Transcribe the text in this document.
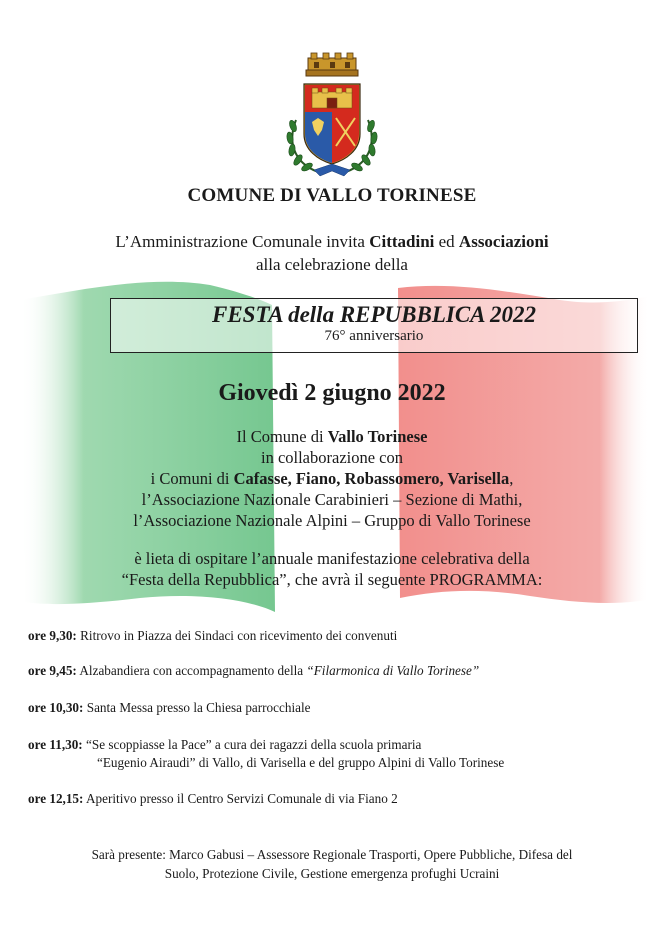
COMUNE DI VALLO TORINESE
L’Amministrazione Comunale invita Cittadini ed Associazioni
alla celebrazione della
FESTA della REPUBBLICA 2022
76° anniversario
Giovedì 2 giugno 2022
Il Comune di Vallo Torinese
in collaborazione con
i Comuni di Cafasse, Fiano, Robassomero, Varisella,
l’Associazione Nazionale Carabinieri – Sezione di Mathi,
l’Associazione Nazionale Alpini – Gruppo di Vallo Torinese
è lieta di ospitare l’annuale manifestazione celebrativa della
“Festa della Repubblica”, che avrà il seguente PROGRAMMA:
ore 9,30: Ritrovo in Piazza dei Sindaci con ricevimento dei convenuti
ore 9,45: Alzabandiera con accompagnamento della “Filarmonica di Vallo Torinese”
ore 10,30: Santa Messa presso la Chiesa parrocchiale
ore 11,30: “Se scoppiasse la Pace” a cura dei ragazzi della scuola primaria
“Eugenio Airaudi” di Vallo, di Varisella e del gruppo Alpini di Vallo Torinese
ore 12,15: Aperitivo presso il Centro Servizi Comunale di via Fiano 2
Sarà presente: Marco Gabusi – Assessore Regionale Trasporti, Opere Pubbliche, Difesa del
Suolo, Protezione Civile, Gestione emergenza profughi Ucraini
